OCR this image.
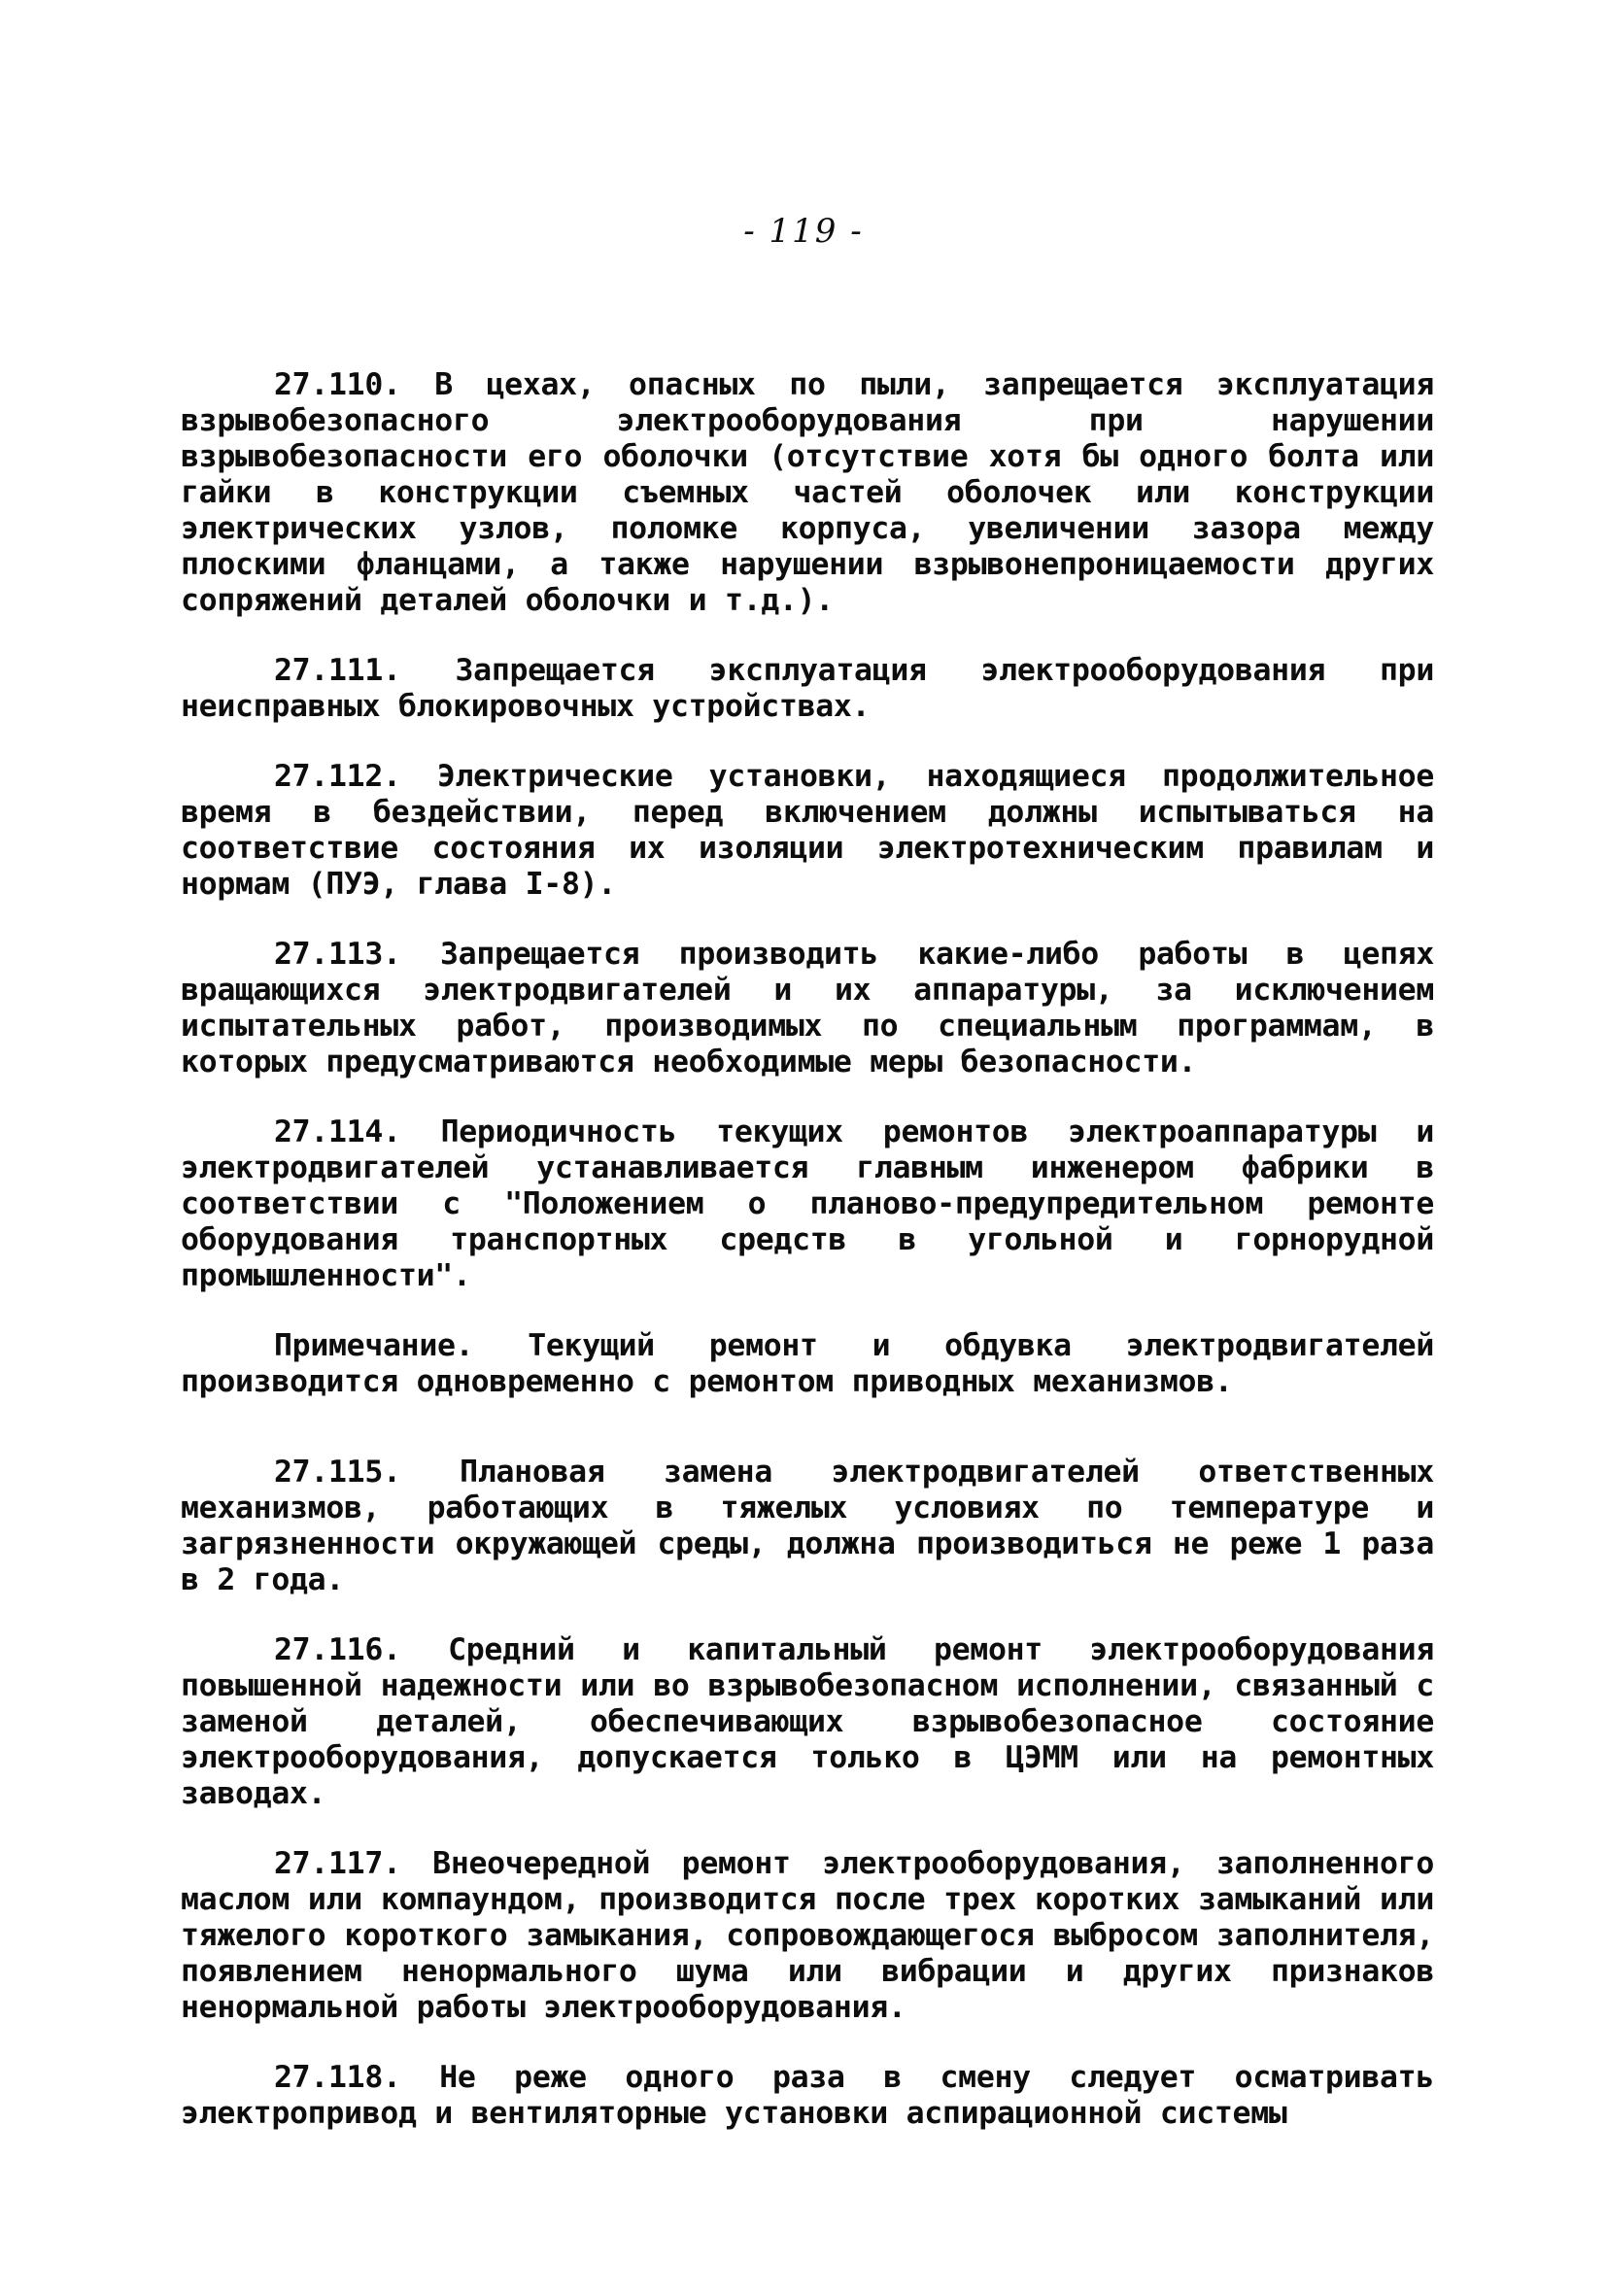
- 119 -

27.110. В цехах, опасных по пыли, запрещается эксплуатация взрывобезопасного электрооборудования при нарушении взрывобезопасности его оболочки (отсутствие хотя бы одного болта или гайки в конструкции съемных частей оболочек или конструкции электрических узлов, поломке корпуса, увеличении зазора между плоскими фланцами, а также нарушении взрывонепроницаемости других сопряжений деталей оболочки и т.д.).

27.111. Запрещается эксплуатация электрооборудования при неисправных блокировочных устройствах.

27.112. Электрические установки, находящиеся продолжительное время в бездействии, перед включением должны испытываться на соответствие состояния их изоляции электротехническим правилам и нормам (ПУЭ, глава I-8).

27.113. Запрещается производить какие-либо работы в цепях вращающихся электродвигателей и их аппаратуры, за исключением испытательных работ, производимых по специальным программам, в которых предусматриваются необходимые меры безопасности.

27.114. Периодичность текущих ремонтов электроаппаратуры и электродвигателей устанавливается главным инженером фабрики в соответствии с "Положением о планово-предупредительном ремонте оборудования транспортных средств в угольной и горнорудной промышленности".

Примечание. Текущий ремонт и обдувка электродвигателей производится одновременно с ремонтом приводных механизмов.

27.115. Плановая замена электродвигателей ответственных механизмов, работающих в тяжелых условиях по температуре и загрязненности окружающей среды, должна производиться не реже 1 раза в 2 года.

27.116. Средний и капитальный ремонт электрооборудования повышенной надежности или во взрывобезопасном исполнении, связанный с заменой деталей, обеспечивающих взрывобезопасное состояние электрооборудования, допускается только в ЦЭММ или на ремонтных заводах.

27.117. Внеочередной ремонт электрооборудования, заполненного маслом или компаундом, производится после трех коротких замыканий или тяжелого короткого замыкания, сопровождающегося выбросом заполнителя, появлением ненормального шума или вибрации и других признаков ненормальной работы электрооборудования.

27.118. Не реже одного раза в смену следует осматривать электропривод и вентиляторные установки аспирационной системы
